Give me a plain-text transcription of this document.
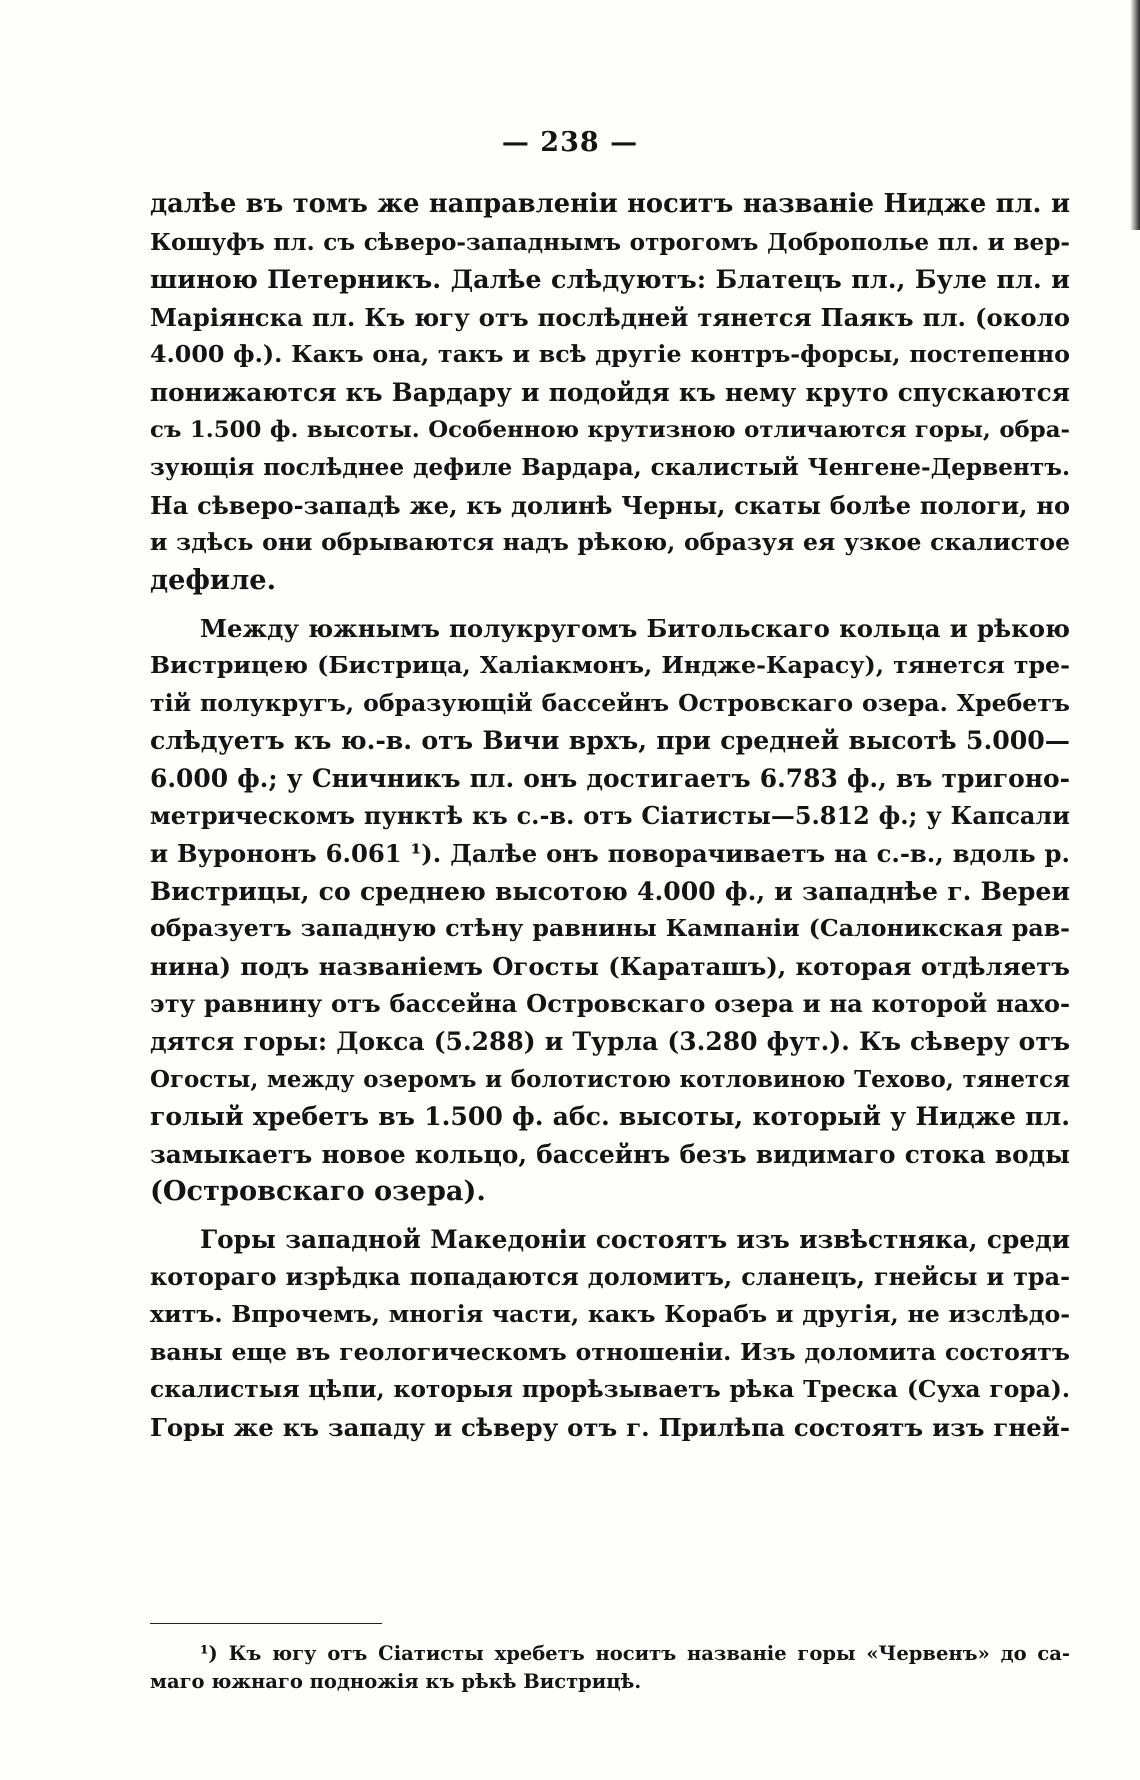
— 238 —
далѣе въ томъ же направленіи носитъ названіе Нидже пл. и
Кошуфъ пл. съ сѣверо-западнымъ отрогомъ Доброполье пл. и вер-
шиною Петерникъ. Далѣе слѣдуютъ: Блатецъ пл., Буле пл. и
Маріянска пл. Къ югу отъ послѣдней тянется Паякъ пл. (около
4.000 ф.). Какъ она, такъ и всѣ другіе контръ-форсы, постепенно
понижаются къ Вардару и подойдя къ нему круто спускаются
съ 1.500 ф. высоты. Особенною крутизною отличаются горы, обра-
зующія послѣднее дефиле Вардара, скалистый Ченгене-Дервентъ.
На сѣверо-западѣ же, къ долинѣ Черны, скаты болѣе пологи, но
и здѣсь они обрываются надъ рѣкою, образуя ея узкое скалистое
дефиле.
Между южнымъ полукругомъ Битольскаго кольца и рѣкою
Вистрицею (Бистрица, Халіакмонъ, Индже-Карасу), тянется тре-
тій полукругъ, образующій бассейнъ Островскаго озера. Хребетъ
слѣдуетъ къ ю.-в. отъ Вичи врхъ, при средней высотѣ 5.000—
6.000 ф.; у Сничникъ пл. онъ достигаетъ 6.783 ф., въ тригоно-
метрическомъ пунктѣ къ с.-в. отъ Сіатисты—5.812 ф.; у Капсали
и Вурононъ 6.061 ¹). Далѣе онъ поворачиваетъ на с.-в., вдоль р.
Вистрицы, со среднею высотою 4.000 ф., и западнѣе г. Вереи
образуетъ западную стѣну равнины Кампаніи (Салоникская рав-
нина) подъ названіемъ Огосты (Караташъ), которая отдѣляетъ
эту равнину отъ бассейна Островскаго озера и на которой нахо-
дятся горы: Докса (5.288) и Турла (3.280 фут.). Къ сѣверу отъ
Огосты, между озеромъ и болотистою котловиною Техово, тянется
голый хребетъ въ 1.500 ф. абс. высоты, который у Нидже пл.
замыкаетъ новое кольцо, бассейнъ безъ видимаго стока воды
(Островскаго озера).
Горы западной Македоніи состоятъ изъ извѣстняка, среди
котораго изрѣдка попадаются доломитъ, сланецъ, гнейсы и тра-
хитъ. Впрочемъ, многія части, какъ Корабъ и другія, не изслѣдо-
ваны еще въ геологическомъ отношеніи. Изъ доломита состоятъ
скалистыя цѣпи, которыя прорѣзываетъ рѣка Треска (Суха гора).
Горы же къ западу и сѣверу отъ г. Прилѣпа состоятъ изъ гней-
¹) Къ югу отъ Сіатисты хребетъ носитъ названіе горы «Червенъ» до са-
маго южнаго подножія къ рѣкѣ Вистрицѣ.
